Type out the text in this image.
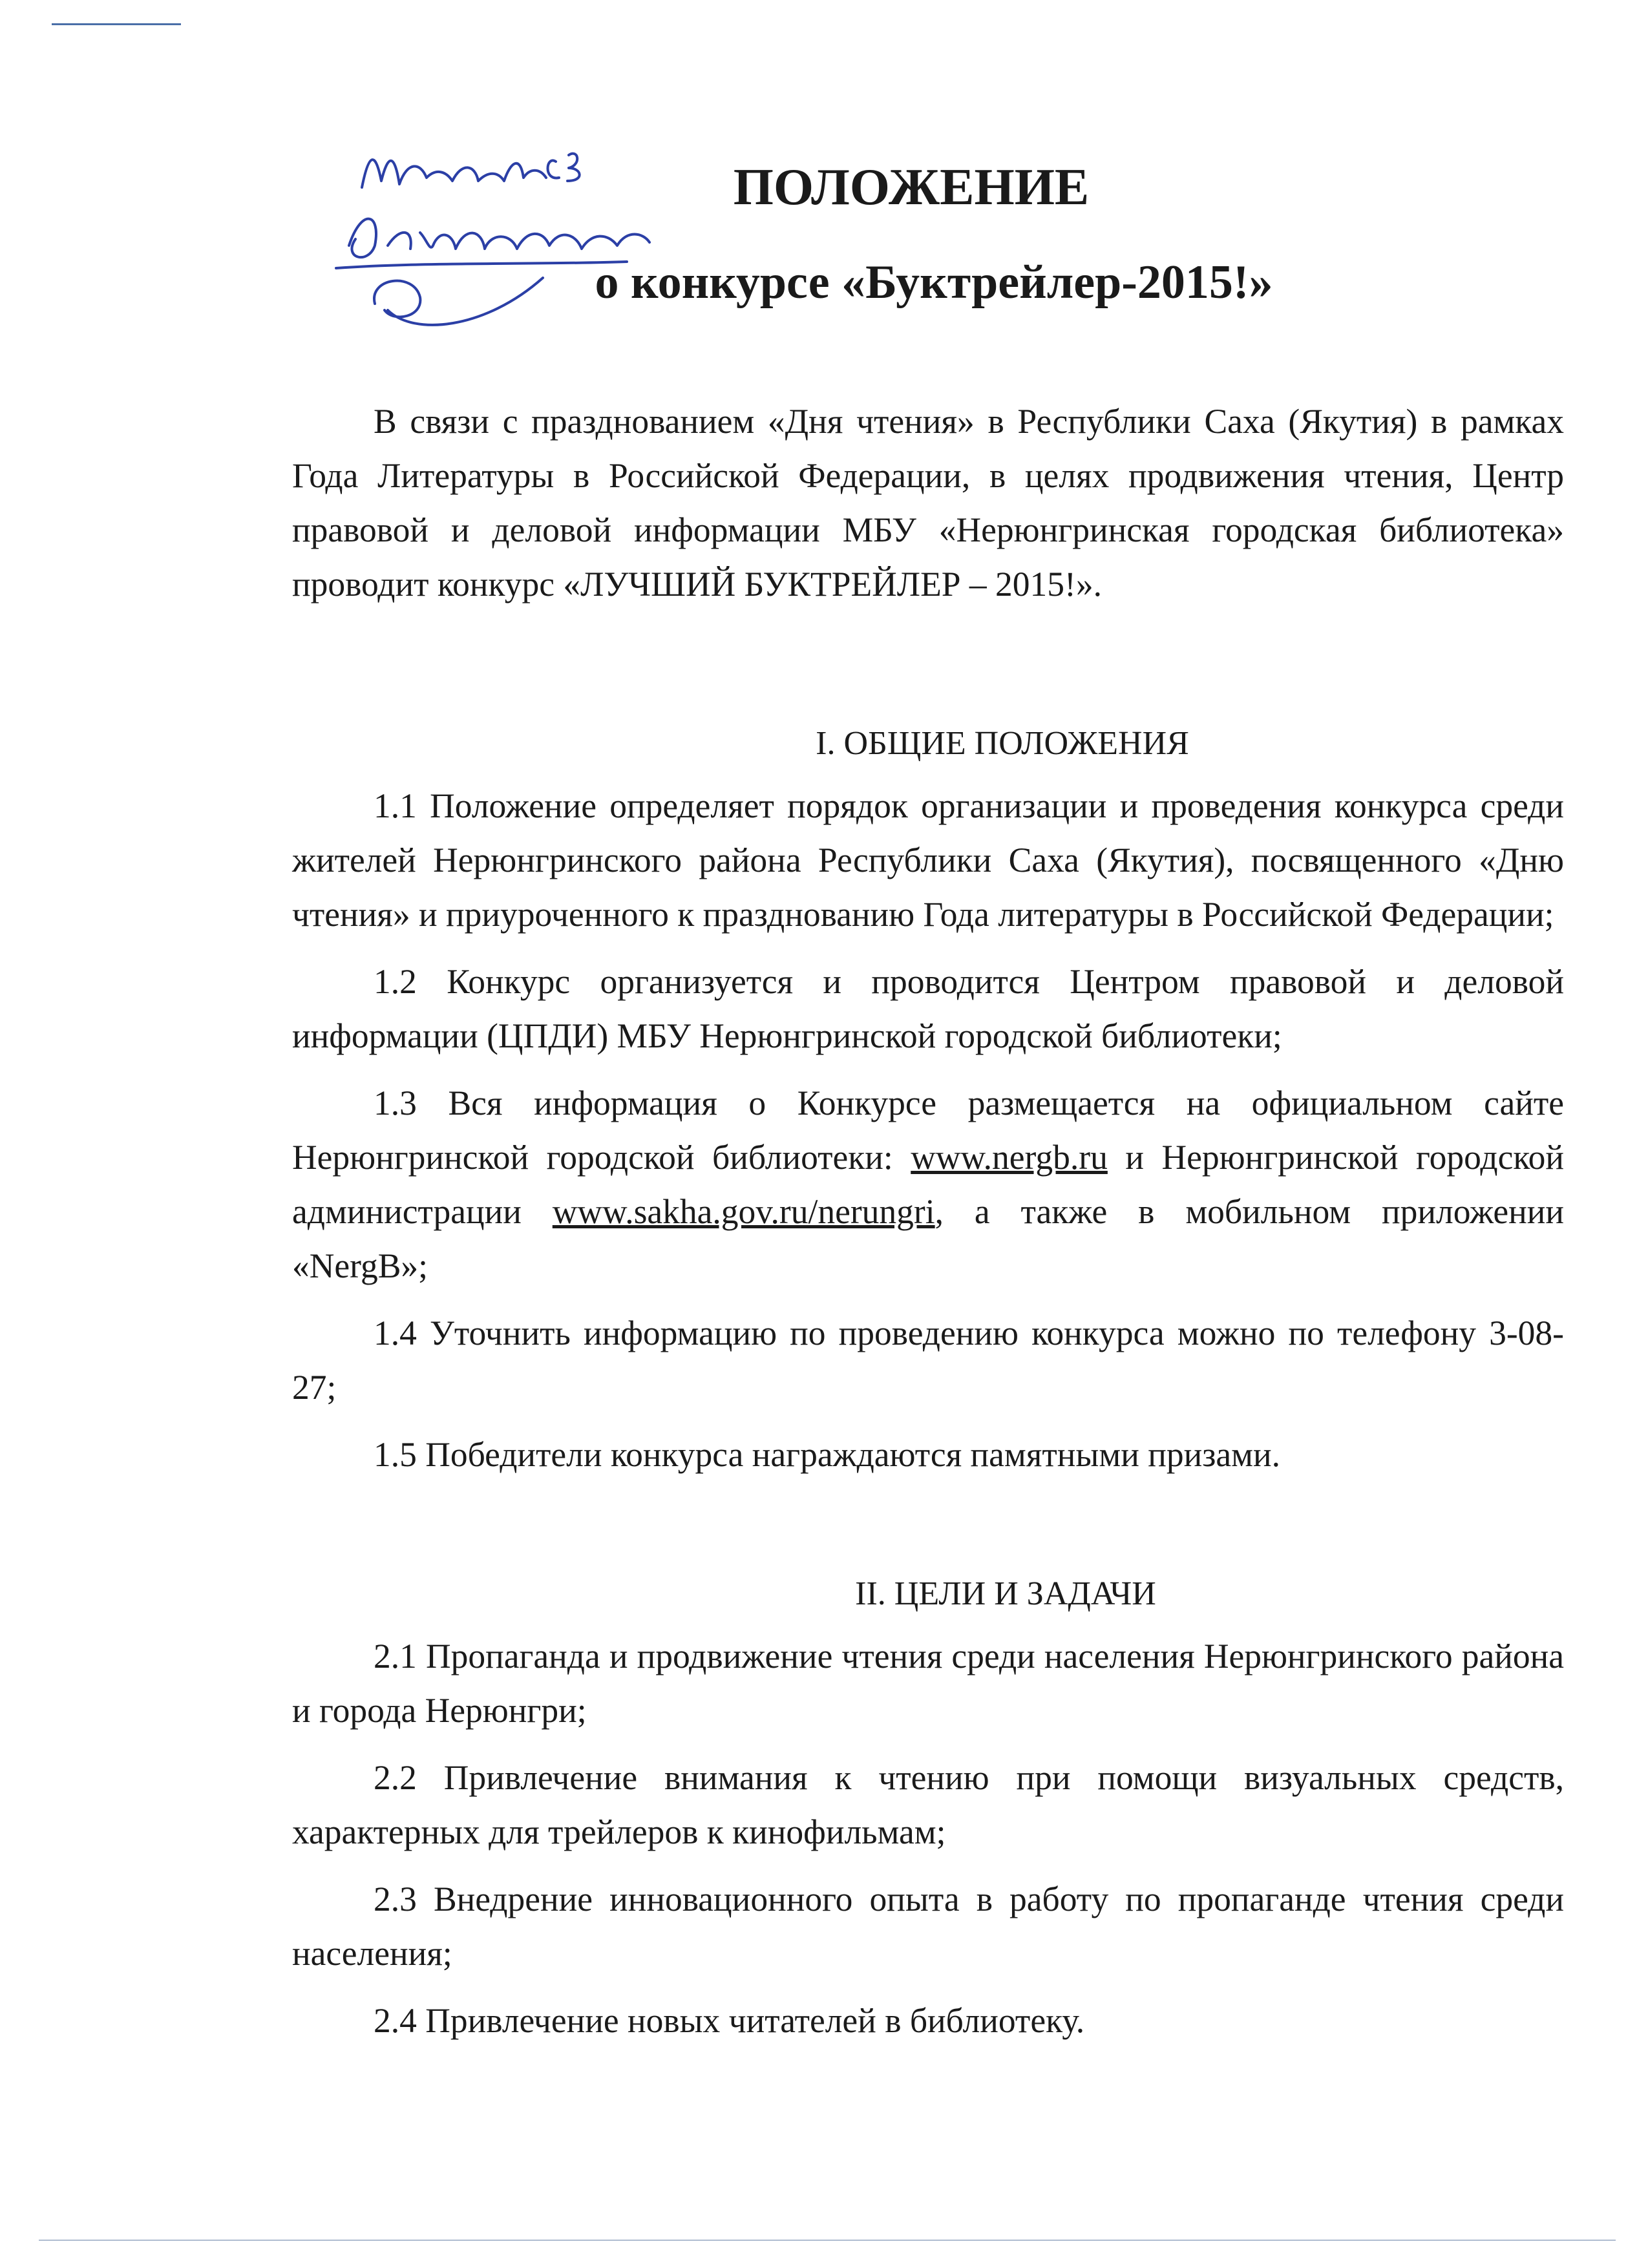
ПОЛОЖЕНИЕ
о конкурсе «Буктрейлер-2015!»

В связи с празднованием «Дня чтения» в Республики Саха (Якутия) в рамках Года Литературы в Российской Федерации, в целях продвижения чтения, Центр правовой и деловой информации МБУ «Нерюнгринская городская библиотека» проводит конкурс «ЛУЧШИЙ БУКТРЕЙЛЕР – 2015!».

I. ОБЩИЕ ПОЛОЖЕНИЯ

1.1 Положение определяет порядок организации и проведения конкурса среди жителей Нерюнгринского района Республики Саха (Якутия), посвященного «Дню чтения» и приуроченного к празднованию Года литературы в Российской Федерации;

1.2 Конкурс организуется и проводится Центром правовой и деловой информации (ЦПДИ) МБУ Нерюнгринской городской библиотеки;

1.3 Вся информация о Конкурсе размещается на официальном сайте Нерюнгринской городской библиотеки: www.nergb.ru и Нерюнгринской городской администрации www.sakha.gov.ru/nerungri, а также в мобильном приложении «NergB»;

1.4 Уточнить информацию по проведению конкурса можно по телефону 3-08-27;

1.5 Победители конкурса награждаются памятными призами.

II. ЦЕЛИ И ЗАДАЧИ

2.1 Пропаганда и продвижение чтения среди населения Нерюнгринского района и города Нерюнгри;

2.2 Привлечение внимания к чтению при помощи визуальных средств, характерных для трейлеров к кинофильмам;

2.3 Внедрение инновационного опыта в работу по пропаганде чтения среди населения;

2.4 Привлечение новых читателей в библиотеку.
